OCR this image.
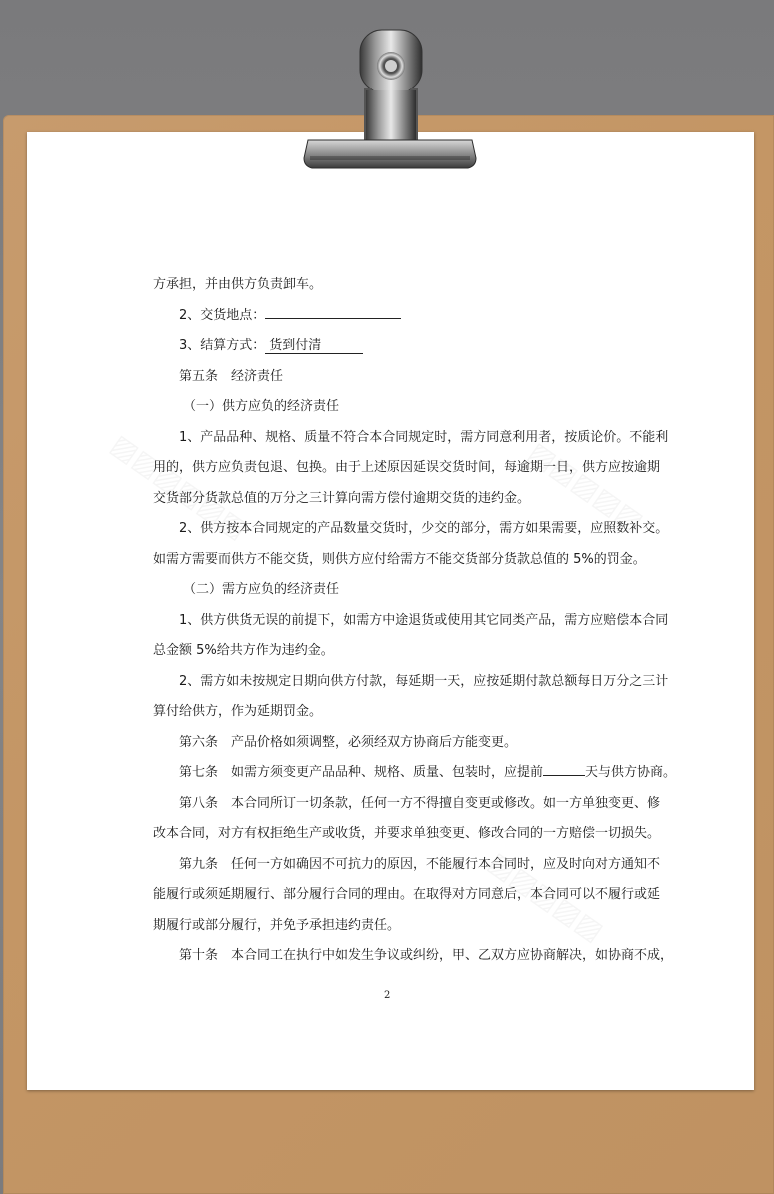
方承担，并由供方负责卸车。
2、交货地点：
3、结算方式： 货到付清
第五条　经济责任
（一）供方应负的经济责任
1、产品品种、规格、质量不符合本合同规定时，需方同意利用者，按质论价。不能利
用的，供方应负责包退、包换。由于上述原因延误交货时间，每逾期一日，供方应按逾期
交货部分货款总值的万分之三计算向需方偿付逾期交货的违约金。
2、供方按本合同规定的产品数量交货时，少交的部分，需方如果需要，应照数补交。
如需方需要而供方不能交货，则供方应付给需方不能交货部分货款总值的 5%的罚金。
（二）需方应负的经济责任
1、供方供货无误的前提下，如需方中途退货或使用其它同类产品，需方应赔偿本合同
总金额 5%给共方作为违约金。
2、需方如未按规定日期向供方付款，每延期一天，应按延期付款总额每日万分之三计
算付给供方，作为延期罚金。
第六条　产品价格如须调整，必须经双方协商后方能变更。
第七条　如需方须变更产品品种、规格、质量、包装时，应提前	天与供方协商。
第八条　本合同所订一切条款，任何一方不得擅自变更或修改。如一方单独变更、修
改本合同，对方有权拒绝生产或收货，并要求单独变更、修改合同的一方赔偿一切损失。
第九条　任何一方如确因不可抗力的原因，不能履行本合同时，应及时向对方通知不
能履行或须延期履行、部分履行合同的理由。在取得对方同意后，本合同可以不履行或延
期履行或部分履行，并免予承担违约责任。
第十条　本合同工在执行中如发生争议或纠纷，甲、乙双方应协商解决，如协商不成，
2
